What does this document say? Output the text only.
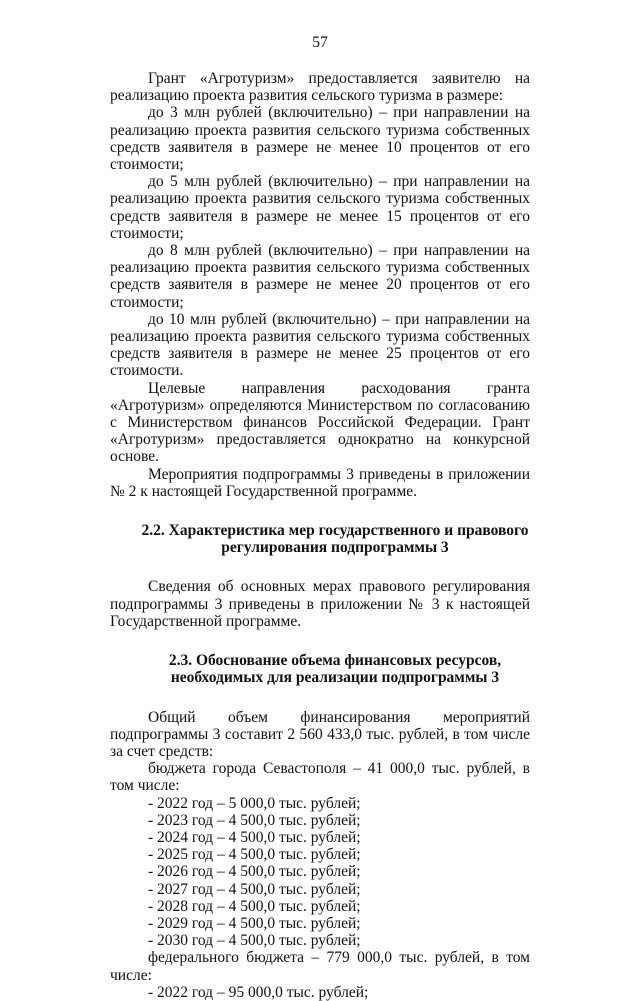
57

Грант «Агротуризм» предоставляется заявителю на реализацию проекта развития сельского туризма в размере:

до 3 млн рублей (включительно) – при направлении на реализацию проекта развития сельского туризма собственных средств заявителя в размере не менее 10 процентов от его стоимости;

до 5 млн рублей (включительно) – при направлении на реализацию проекта развития сельского туризма собственных средств заявителя в размере не менее 15 процентов от его стоимости;

до 8 млн рублей (включительно) – при направлении на реализацию проекта развития сельского туризма собственных средств заявителя в размере не менее 20 процентов от его стоимости;

до 10 млн рублей (включительно) – при направлении на реализацию проекта развития сельского туризма собственных средств заявителя в размере не менее 25 процентов от его стоимости.

Целевые направления расходования гранта «Агротуризм» определяются Министерством по согласованию с Министерством финансов Российской Федерации. Грант «Агротуризм» предоставляется однократно на конкурсной основе.

Мероприятия подпрограммы 3 приведены в приложении № 2 к настоящей Государственной программе.

2.2. Характеристика мер государственного и правового регулирования подпрограммы 3

Сведения об основных мерах правового регулирования подпрограммы 3 приведены в приложении № 3 к настоящей Государственной программе.

2.3. Обоснование объема финансовых ресурсов, необходимых для реализации подпрограммы 3

Общий объем финансирования мероприятий подпрограммы 3 составит 2 560 433,0 тыс. рублей, в том числе за счет средств:

бюджета города Севастополя – 41 000,0 тыс. рублей, в том числе:

- 2022 год – 5 000,0 тыс. рублей;
- 2023 год – 4 500,0 тыс. рублей;
- 2024 год – 4 500,0 тыс. рублей;
- 2025 год – 4 500,0 тыс. рублей;
- 2026 год – 4 500,0 тыс. рублей;
- 2027 год – 4 500,0 тыс. рублей;
- 2028 год – 4 500,0 тыс. рублей;
- 2029 год – 4 500,0 тыс. рублей;
- 2030 год – 4 500,0 тыс. рублей;

федерального бюджета – 779 000,0 тыс. рублей, в том числе:

- 2022 год – 95 000,0 тыс. рублей;
